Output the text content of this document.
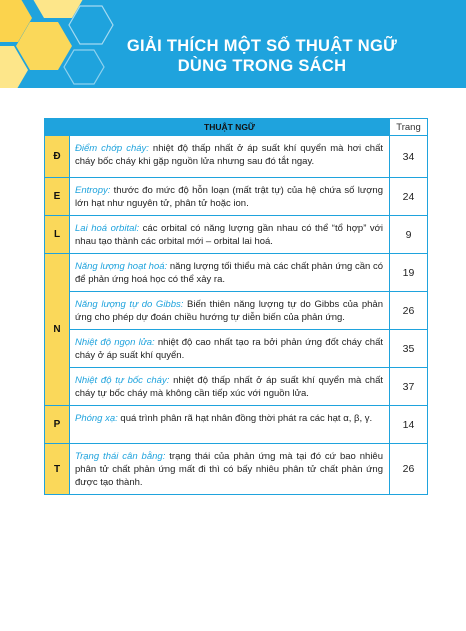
GIẢI THÍCH MỘT SỐ THUẬT NGỮ
DÙNG TRONG SÁCH
	THUẬT NGỮ	Trang
Đ	Điểm chớp cháy: nhiệt độ thấp nhất ở áp suất khí quyển mà hơi chất cháy bốc cháy khi gặp nguồn lửa nhưng sau đó tắt ngay.	34
E	Entropy: thước đo mức độ hỗn loạn (mất trật tự) của hệ chứa số lượng lớn hạt như nguyên tử, phân tử hoặc ion.	24
L	Lai hoá orbital: các orbital có năng lượng gần nhau có thể “tổ hợp” với nhau tạo thành các orbital mới – orbital lai hoá.	9
N	Năng lượng hoạt hoá: năng lượng tối thiểu mà các chất phản ứng cần có để phản ứng hoá học có thể xảy ra.	19
	Năng lượng tự do Gibbs: Biến thiên năng lượng tự do Gibbs của phản ứng cho phép dự đoán chiều hướng tự diễn biến của phản ứng.	26
	Nhiệt độ ngọn lửa: nhiệt độ cao nhất tạo ra bởi phản ứng đốt cháy chất cháy ở áp suất khí quyển.	35
	Nhiệt độ tự bốc cháy: nhiệt độ thấp nhất ở áp suất khí quyển mà chất cháy tự bốc cháy mà không cần tiếp xúc với nguồn lửa.	37
P	Phóng xạ: quá trình phân rã hạt nhân đồng thời phát ra các hạt α, β, γ.	14
T	Trạng thái cân bằng: trạng thái của phản ứng mà tại đó cứ bao nhiêu phân tử chất phản ứng mất đi thì có bấy nhiêu phân tử chất phản ứng được tạo thành.	26
